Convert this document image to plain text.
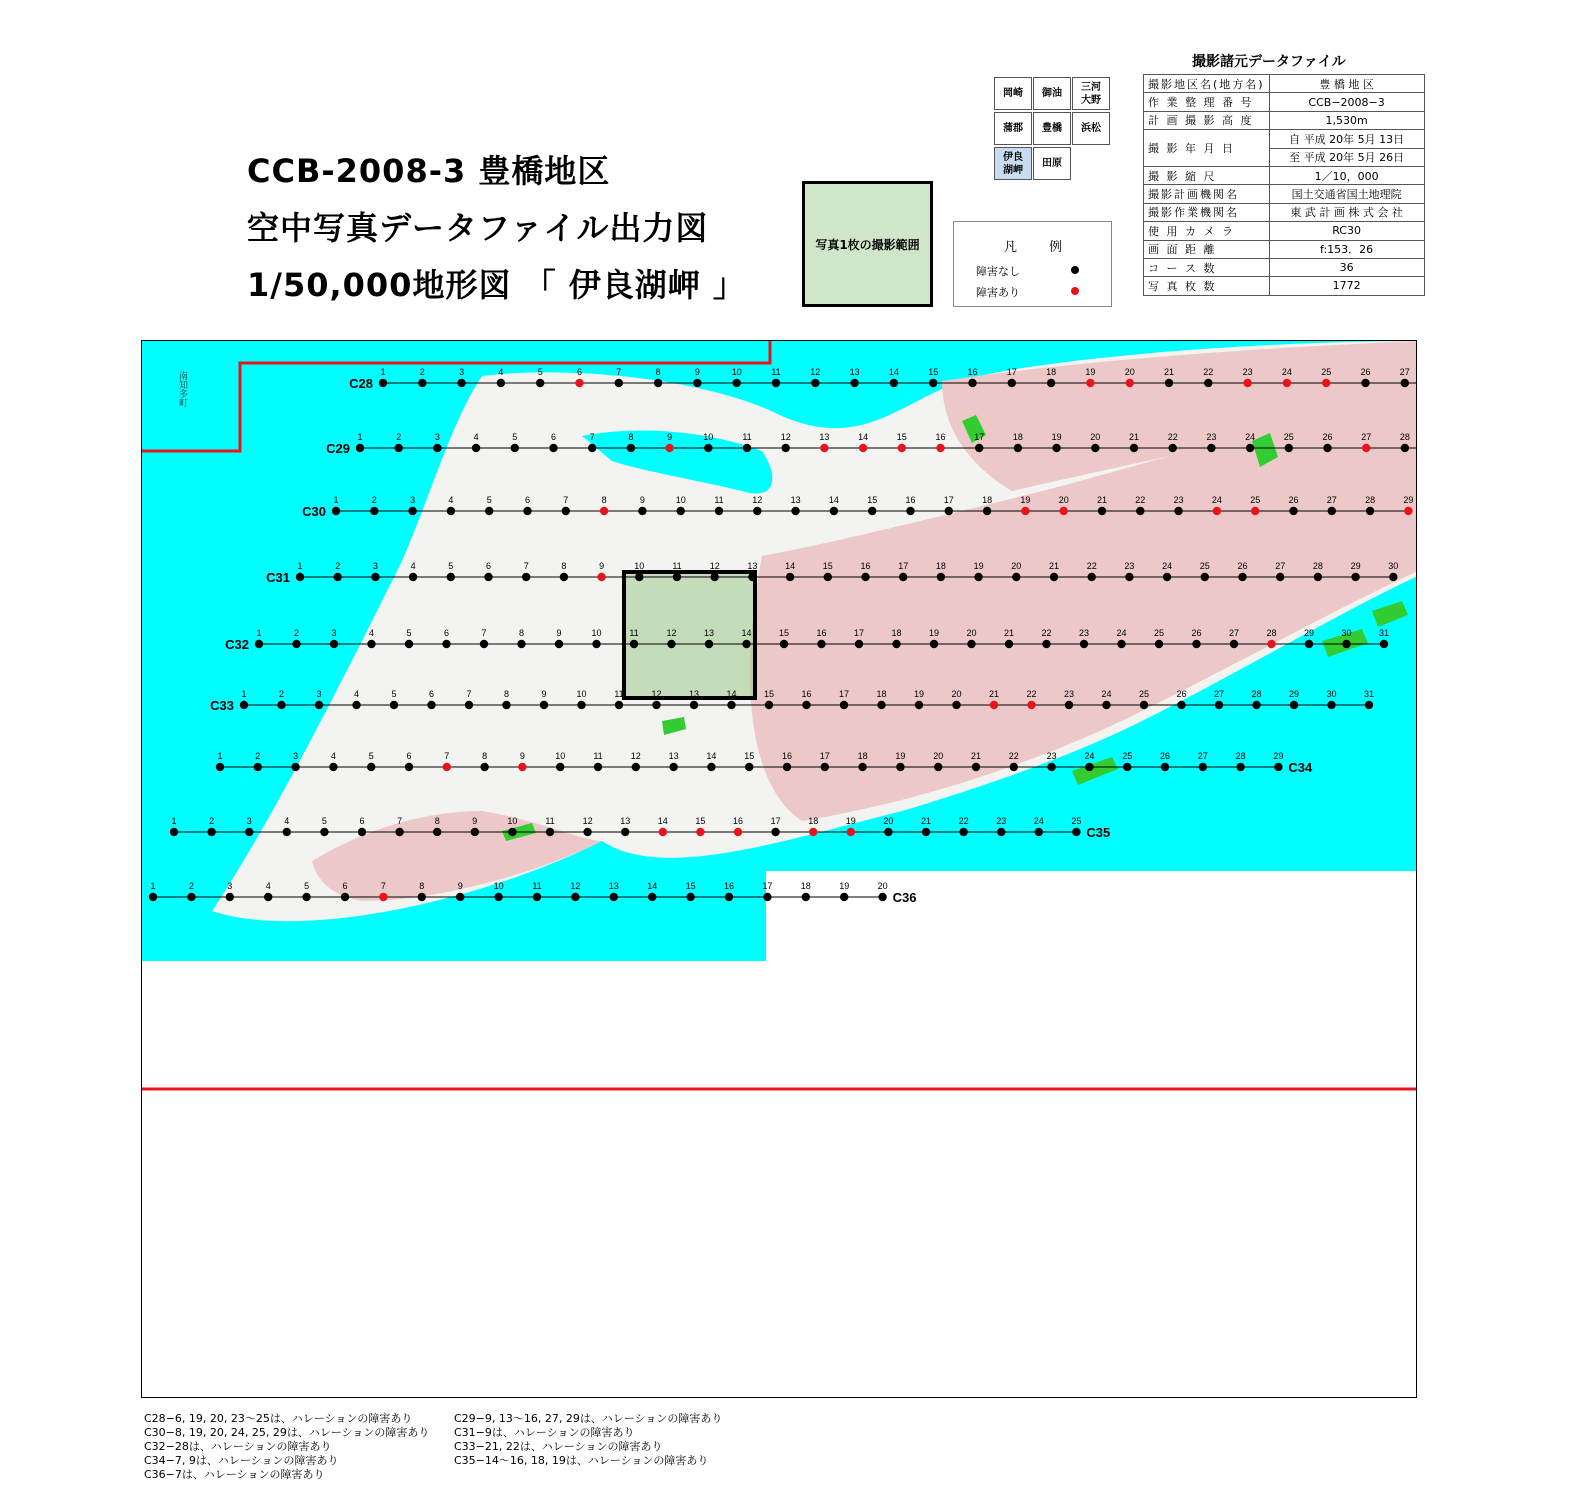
CCB-2008-3 豊橋地区
空中写真データファイル出力図
1/50,000地形図 「 伊良湖岬 」
写真1枚の撮影範囲	凡 例
障害なし
障害あり
岡崎	御油
三河
大野
蒲郡	豊橋	浜松
伊良
湖岬
田原
撮影諸元データファイル
撮影地区名(地方名)	豊 橋 地 区
作 業 整 理 番 号	CCB−2008−3
計 画 撮 影 高 度	1,530m
撮 影 年 月 日	自 平成 20年 5月 13日
	至 平成 20年 5月 26日
撮 影 縮 尺	1／10，000
撮影計画機関名	国土交通省国土地理院
撮影作業機関名	東 武 計 画 株 式 会 社
使 用 カ メ ラ	RC30
画 面 距 離	f:153．26
コ ー ス 数	36
写 真 枚 数	1772
南知多町	1	2	3	4	5	6	7	8	9	10	11	12	13	14	15	16	17	18	19	20	21	22	23	24	25	26	27
C28
1	2	3	4	5	6	7	8	9	10	11	12	13	14	15	16	17	18	19	20	21	22	23	24	25	26	27	28
C29
1	2	3	4	5	6	7	8	9	10	11	12	13	14	15	16	17	18	19	20	21	22	23	24	25	26	27	28	29
C30
1	2	3	4	5	6	7	8	9	10	11	12	13	14	15	16	17	18	19	20	21	22	23	24	25	26	27	28	29	30
C31
1	2	3	4	5	6	7	8	9	10	11	12	13	14	15	16	17	18	19	20	21	22	23	24	25	26	27	28	29	30	31
C32
1	2	3	4	5	6	7	8	9	10	11	12	13	14	15	16	17	18	19	20	21	22	23	24	25	26	27	28	29	30	31
C33
1	2	3	4	5	6	7	8	9	10	11	12	13	14	15	16	17	18	19	20	21	22	23	24	25	26	27	28	29
C34
1	2	3	4	5	6	7	8	9	10	11	12	13	14	15	16	17	18	19	20	21	22	23	24	25
C35
1	2	3	4	5	6	7	8	9	10	11	12	13	14	15	16	17	18	19	20
C36
C28−6, 19, 20, 23〜25は、ハレーションの障害あり
C30−8, 19, 20, 24, 25, 29は、ハレーションの障害あり
C32−28は、ハレーションの障害あり
C34−7, 9は、ハレーションの障害あり
C36−7は、ハレーションの障害あり
C29−9, 13〜16, 27, 29は、ハレーションの障害あり
C31−9は、ハレーションの障害あり
C33−21, 22は、ハレーションの障害あり
C35−14〜16, 18, 19は、ハレーションの障害あり
